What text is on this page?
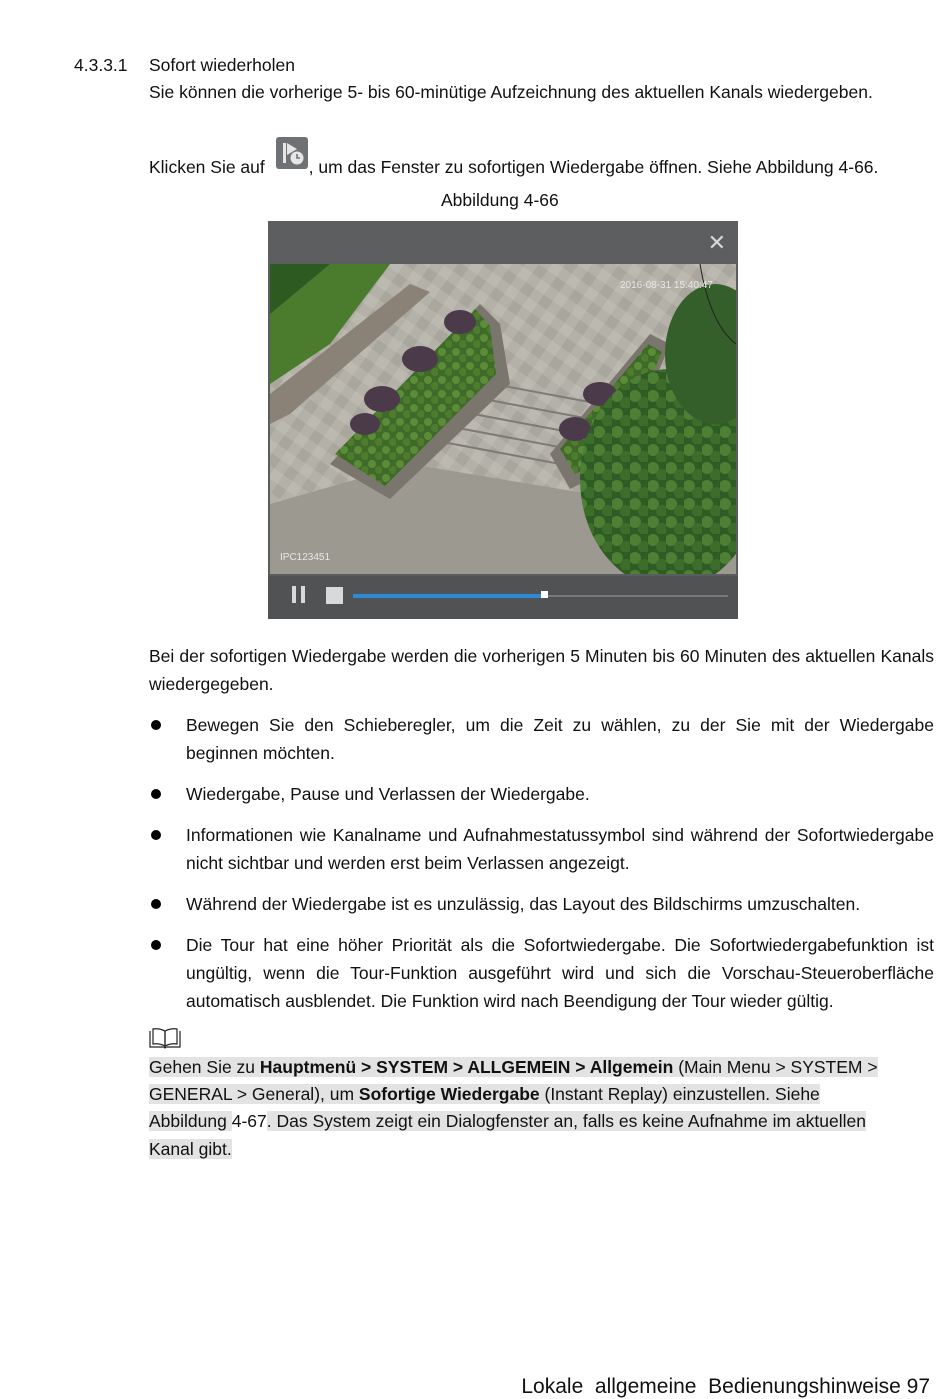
4.3.3.1 Sofort wiederholen
Sie können die vorherige 5- bis 60-minütige Aufzeichnung des aktuellen Kanals wiedergeben.
Klicken Sie auf	, um das Fenster zu sofortigen Wiedergabe öffnen. Siehe Abbildung 4-66.
Abbildung 4-66
✕
2016-08-31 15:40:47
IPC123451
Bei der sofortigen Wiedergabe werden die vorherigen 5 Minuten bis 60 Minuten des aktuellen Kanals wiedergegeben.
Bewegen Sie den Schieberegler, um die Zeit zu wählen, zu der Sie mit der Wiedergabe beginnen möchten.
Wiedergabe, Pause und Verlassen der Wiedergabe.
Informationen wie Kanalname und Aufnahmestatussymbol sind während der Sofortwiedergabe nicht sichtbar und werden erst beim Verlassen angezeigt.
Während der Wiedergabe ist es unzulässig, das Layout des Bildschirms umzuschalten.
Die Tour hat eine höher Priorität als die Sofortwiedergabe. Die Sofortwiedergabefunktion ist ungültig, wenn die Tour-Funktion ausgeführt wird und sich die Vorschau-Steueroberfläche automatisch ausblendet. Die Funktion wird nach Beendigung der Tour wieder gültig.
Gehen Sie zu Hauptmenü > SYSTEM > ALLGEMEIN > Allgemein (Main Menu > SYSTEM >
GENERAL > General), um Sofortige Wiedergabe (Instant Replay) einzustellen. Siehe
Abbildung 4-67. Das System zeigt ein Dialogfenster an, falls es keine Aufnahme im aktuellen
Kanal gibt.

Lokale  allgemeine  Bedienungshinweise 97
